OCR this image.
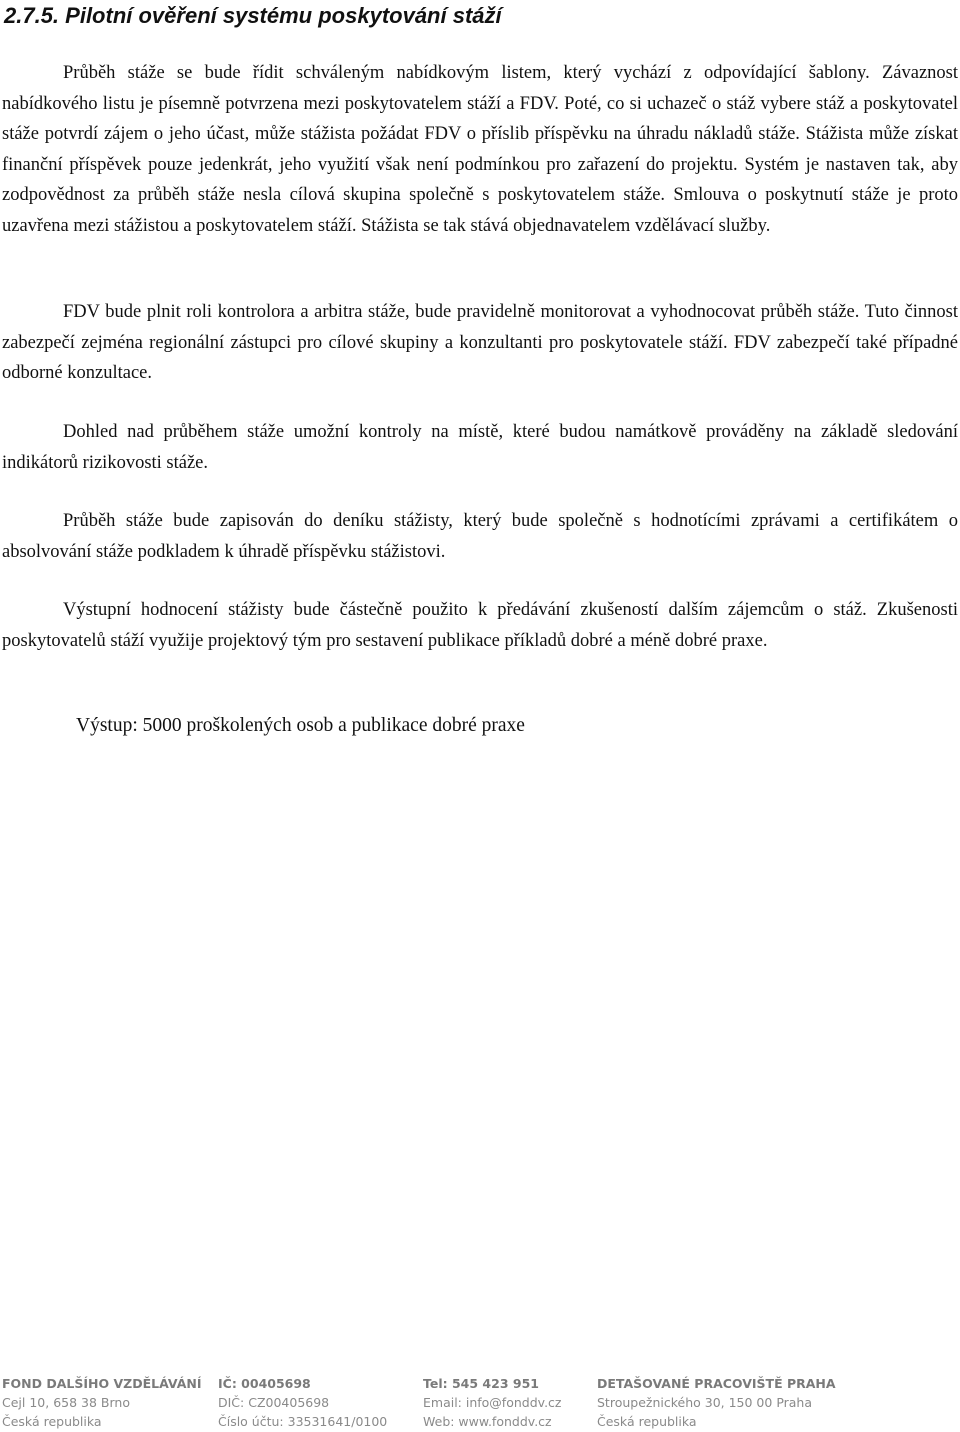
2.7.5. Pilotní ověření systému poskytování stáží

Průběh stáže se bude řídit schváleným nabídkovým listem, který vychází z odpovídající šablony. Závaznost nabídkového listu je písemně potvrzena mezi poskytovatelem stáží a FDV. Poté, co si uchazeč o stáž vybere stáž a poskytovatel stáže potvrdí zájem o jeho účast, může stážista požádat FDV o příslib příspěvku na úhradu nákladů stáže. Stážista může získat finanční příspěvek pouze jedenkrát, jeho využití však není podmínkou pro zařazení do projektu. Systém je nastaven tak, aby zodpovědnost za průběh stáže nesla cílová skupina společně s poskytovatelem stáže. Smlouva o poskytnutí stáže je proto uzavřena mezi stážistou a poskytovatelem stáží. Stážista se tak stává objednavatelem vzdělávací služby.

FDV bude plnit roli kontrolora a arbitra stáže, bude pravidelně monitorovat a vyhodnocovat průběh stáže. Tuto činnost zabezpečí zejména regionální zástupci pro cílové skupiny a konzultanti pro poskytovatele stáží. FDV zabezpečí také případné odborné konzultace.

Dohled nad průběhem stáže umožní kontroly na místě, které budou namátkově prováděny na základě sledování indikátorů rizikovosti stáže.

Průběh stáže bude zapisován do deníku stážisty, který bude společně s hodnotícími zprávami a certifikátem o absolvování stáže podkladem k úhradě příspěvku stážistovi.

Výstupní hodnocení stážisty bude částečně použito k předávání zkušeností dalším zájemcům o stáž. Zkušenosti poskytovatelů stáží využije projektový tým pro sestavení publikace příkladů dobré a méně dobré praxe.

Výstup: 5000 proškolených osob a publikace dobré praxe

FOND DALŠÍHO VZDĚLÁVÁNÍ
Cejl 10, 658 38 Brno
Česká republika
IČ: 00405698
DIČ: CZ00405698
Číslo účtu: 33531641/0100
Tel: 545 423 951
Email: info@fonddv.cz
Web: www.fonddv.cz
DETAŠOVANÉ PRACOVIŠTĚ PRAHA
Stroupežnického 30, 150 00 Praha
Česká republika
